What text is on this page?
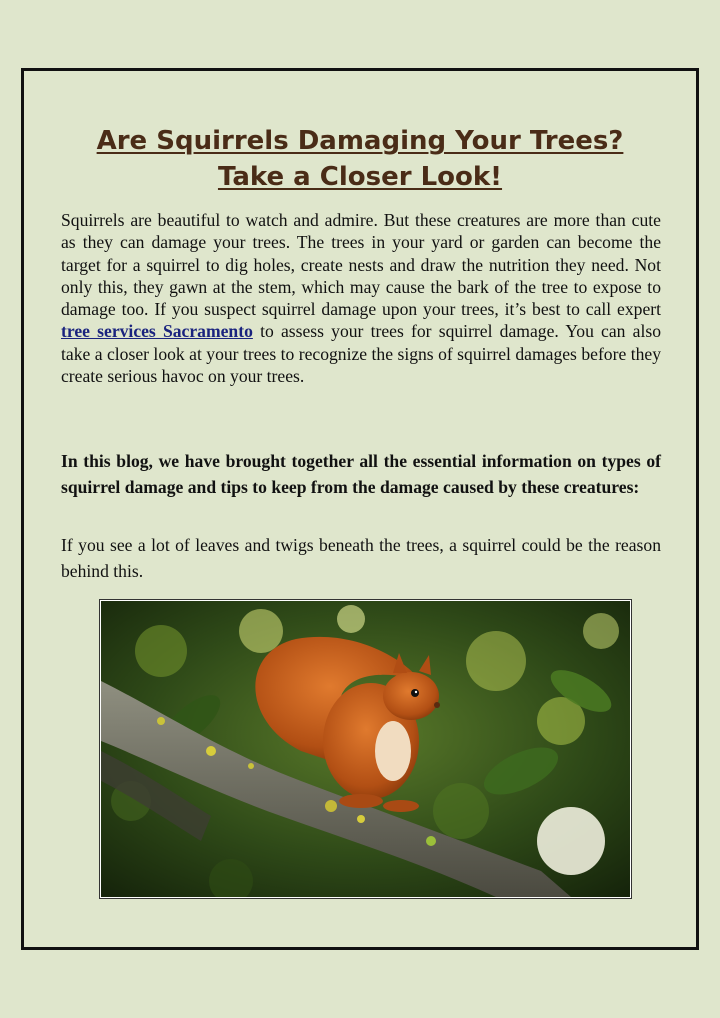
Are Squirrels Damaging Your Trees?
Take a Closer Look!

Squirrels are beautiful to watch and admire. But these creatures are more than cute as they can damage your trees. The trees in your yard or garden can become the target for a squirrel to dig holes, create nests and draw the nutrition they need. Not only this, they gawn at the stem, which may cause the bark of the tree to expose to damage too. If you suspect squirrel damage upon your trees, it’s best to call expert tree services Sacramento to assess your trees for squirrel damage. You can also take a closer look at your trees to recognize the signs of squirrel damages before they create serious havoc on your trees.

In this blog, we have brought together all the essential information on types of squirrel damage and tips to keep from the damage caused by these creatures:

If you see a lot of leaves and twigs beneath the trees, a squirrel could be the reason behind this.
